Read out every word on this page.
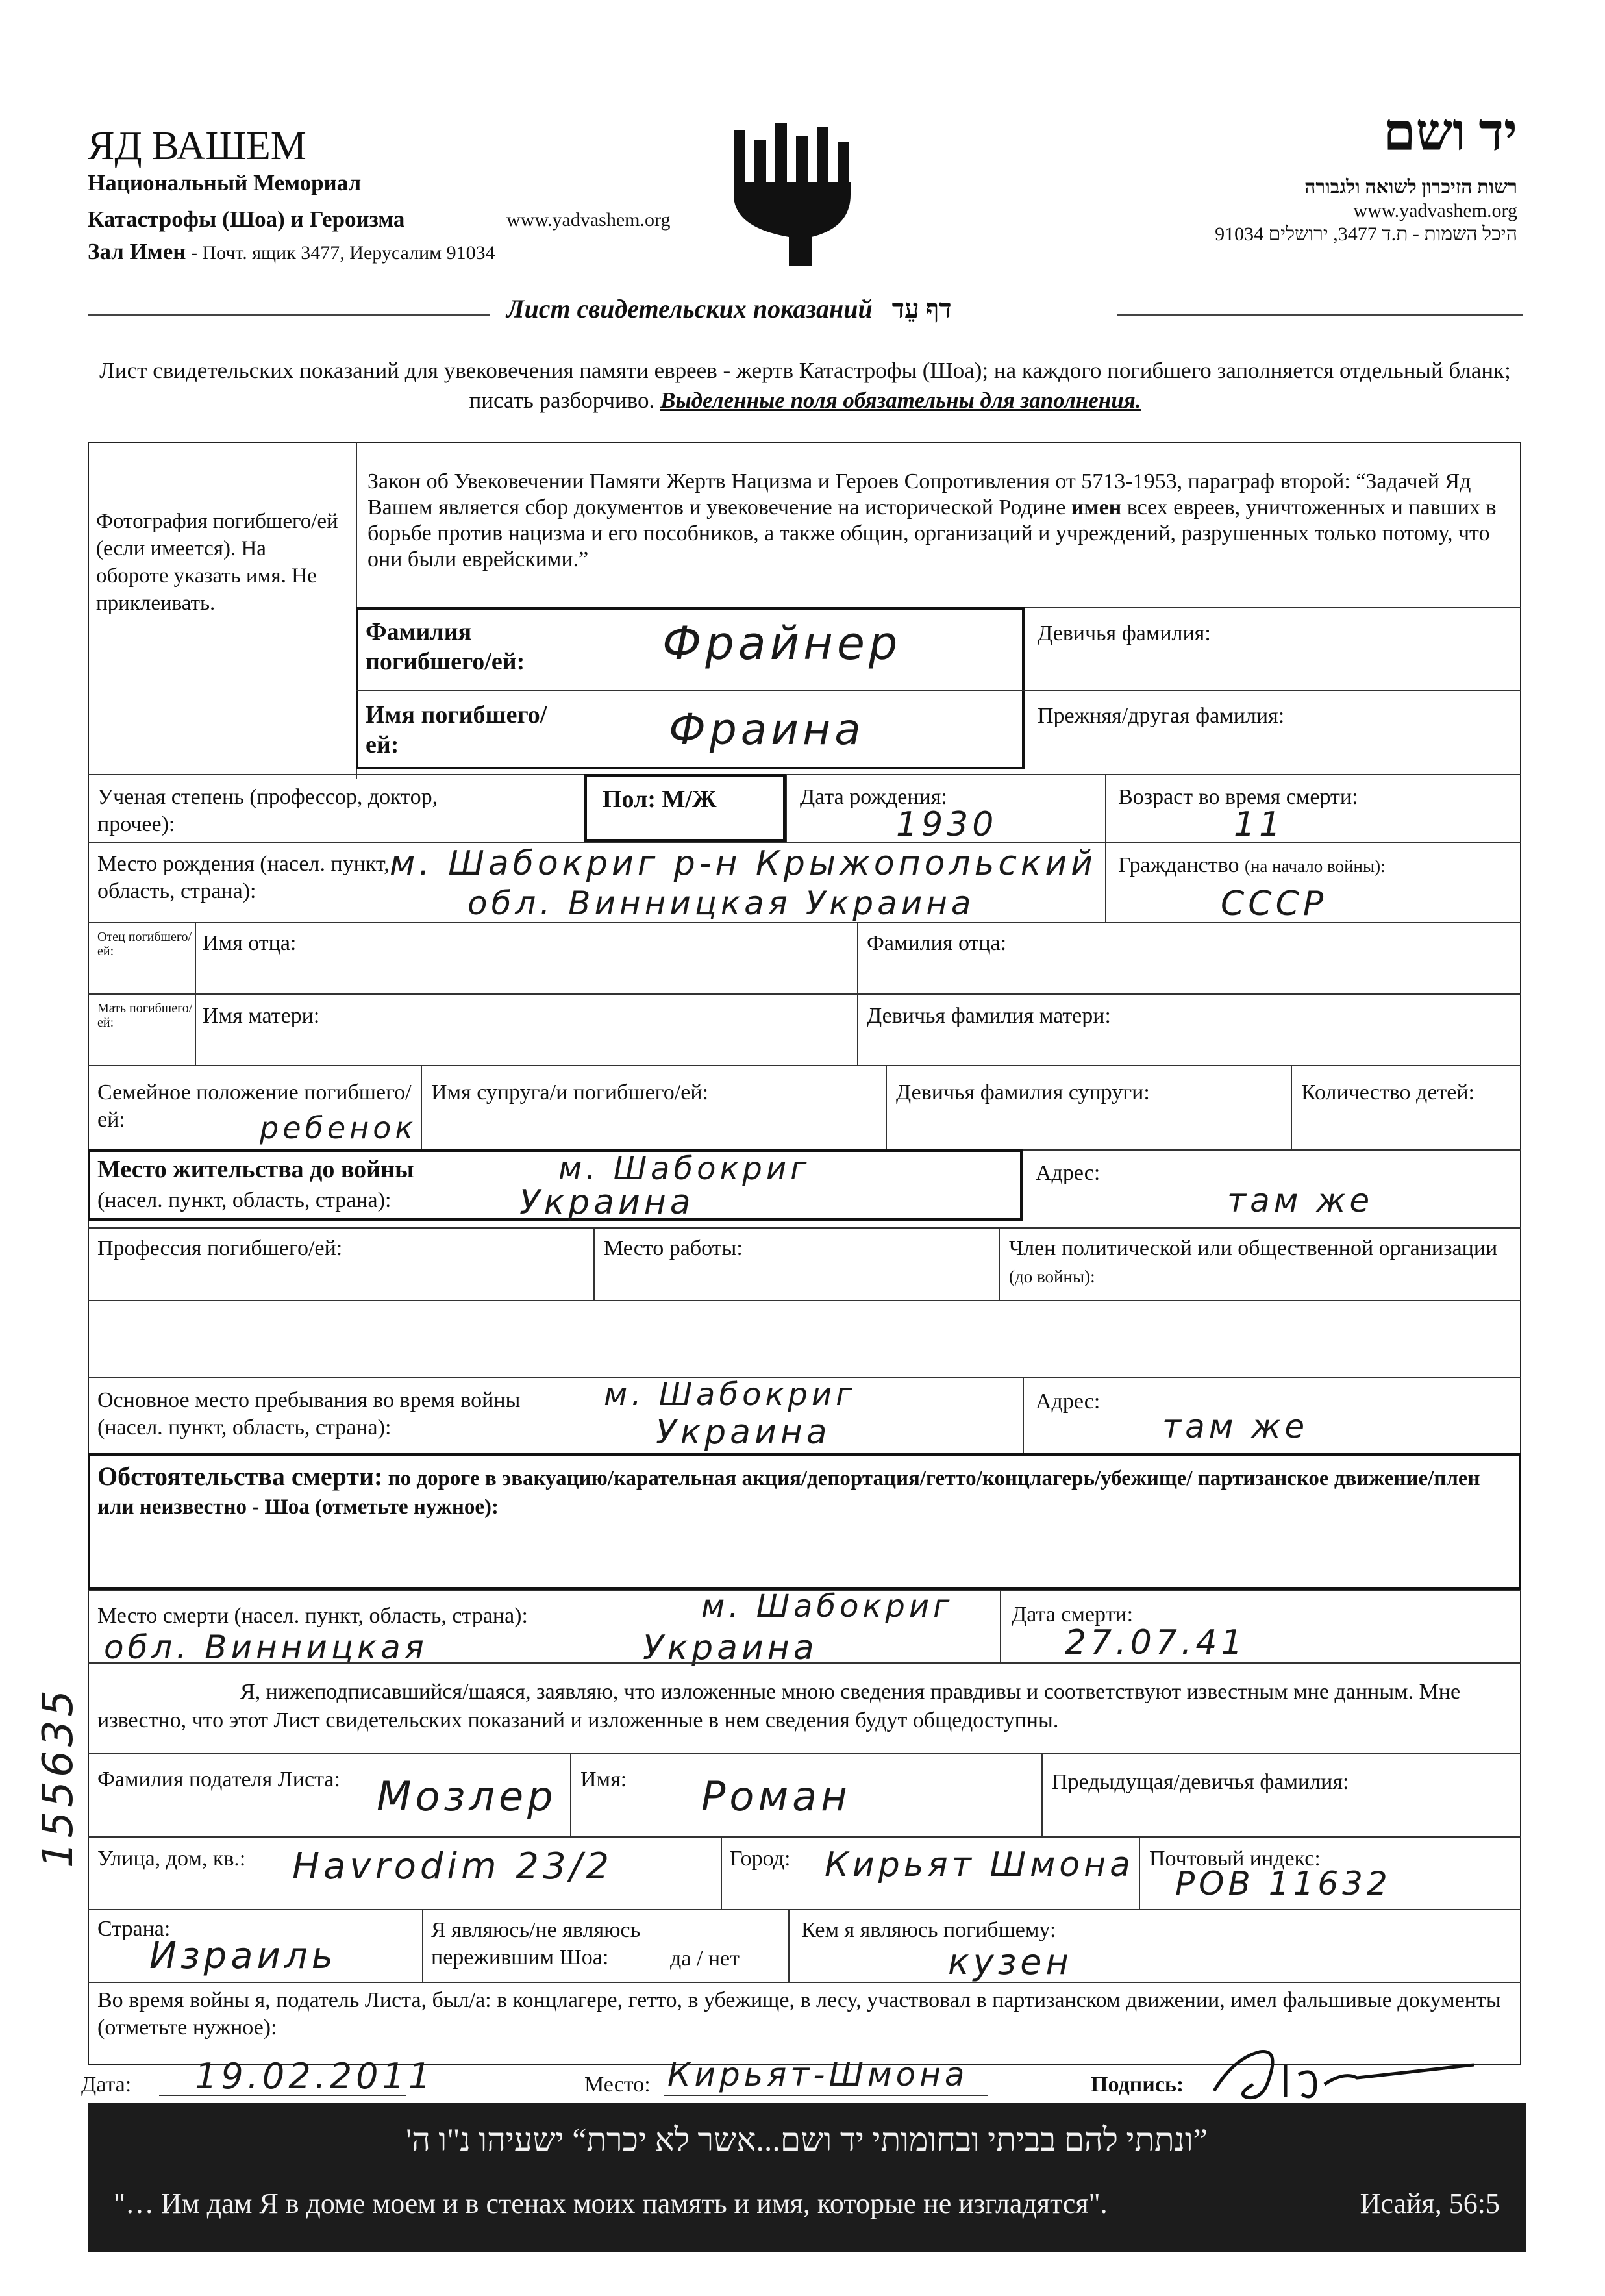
ЯД ВАШЕМ
Национальный Мемориал
Катастрофы (Шоа) и Героизма	www.yadvashem.org
Зал Имен - Почт. ящик 3477, Иерусалим 91034
יד ושם
רשות הזיכרון לשואה ולגבורה
www.yadvashem.org
היכל השמות - ת.ד 3477, ירושלים 91034
Лист свидетельских показаний דף עֵד
Лист свидетельских показаний для увековечения памяти евреев - жертв Катастрофы (Шоа); на каждого погибшего заполняется отдельный бланк; писать разборчиво. Выделенные поля обязательны для заполнения.
Фотография погибшего/ей (если имеется). На обороте указать имя. Не приклеивать.
Закон об Увековечении Памяти Жертв Нацизма и Героев Сопротивления от 5713-1953, параграф второй: “Задачей Яд Вашем является сбор документов и увековечение на исторической Родине имен всех евреев, уничтоженных и павших в борьбе против нацизма и его пособников, а также общин, организаций и учреждений, разрушенных только потому, что они были еврейскими.”
Фамилия погибшего/ей:	Фрайнер	Девичья фамилия:
Имя погибшего/ей:	Фраина	Прежняя/другая фамилия:
Ученая степень (профессор, доктор, прочее):
Пол: М/Ж	Дата рождения:
1930
Возраст во время смерти:
11
Место рождения (насел. пункт, область, страна):
м. Шабокриг р-н Крыжопольский
обл. Винницкая Украина
Гражданство (на начало войны):
СССР
Отец погибшего/ей:	Имя отца:	Фамилия отца:
Мать погибшего/ей:	Имя матери:	Девичья фамилия матери:
Семейное положение погибшего/ей:	ребенок
Имя супруга/и погибшего/ей:	Девичья фамилия супруги:	Количество детей:
Место жительства до войны
(насел. пункт, область, страна):
м. Шабокриг
Украина
Адрес:
там же
Профессия погибшего/ей:	Место работы:	Член политической или общественной организации (до войны):
Основное место пребывания во время войны (насел. пункт, область, страна):
м. Шабокриг
Украина
Адрес:
там же
Обстоятельства смерти: по дороге в эвакуацию/карательная акция/депортация/гетто/концлагерь/убежище/ партизанское движение/плен или неизвестно - Шоа (отметьте нужное):
Место смерти (насел. пункт, область, страна):	м. Шабокриг
Украина
обл. Винницкая
Дата смерти:
27.07.41
Я, нижеподписавшийся/шаяся, заявляю, что изложенные мною сведения правдивы и соответствуют известным мне данным. Мне известно, что этот Лист свидетельских показаний и изложенные в нем сведения будут общедоступны.
Фамилия подателя Листа: Мозлер Имя: Роман	Предыдущая/девичья фамилия:
Улица, дом, кв.: Havrodim 23/2	Город: Кирьят Шмона Почтовый индекс:
POB 11632
Страна:
Израиль
Я являюсь/не являюсь пережившим Шоа:	да / нет
Кем я являюсь погибшему:
кузен
Во время войны я, податель Листа, был/а: в концлагере, гетто, в убежище, в лесу, участвовал в партизанском движении, имел фальшивые документы (отметьте нужное):
Дата: 19.02.2011	Место: Кирьят-Шмона	Подпись:
155635
”ונתתי להם בביתי ובחומותי יד ושם...אשר לא יכרת“ ישעיהו נ"ו ה'
"… Им дам Я в доме моем и в стенах моих память и имя, которые не изгладятся".	Исайя, 56:5
